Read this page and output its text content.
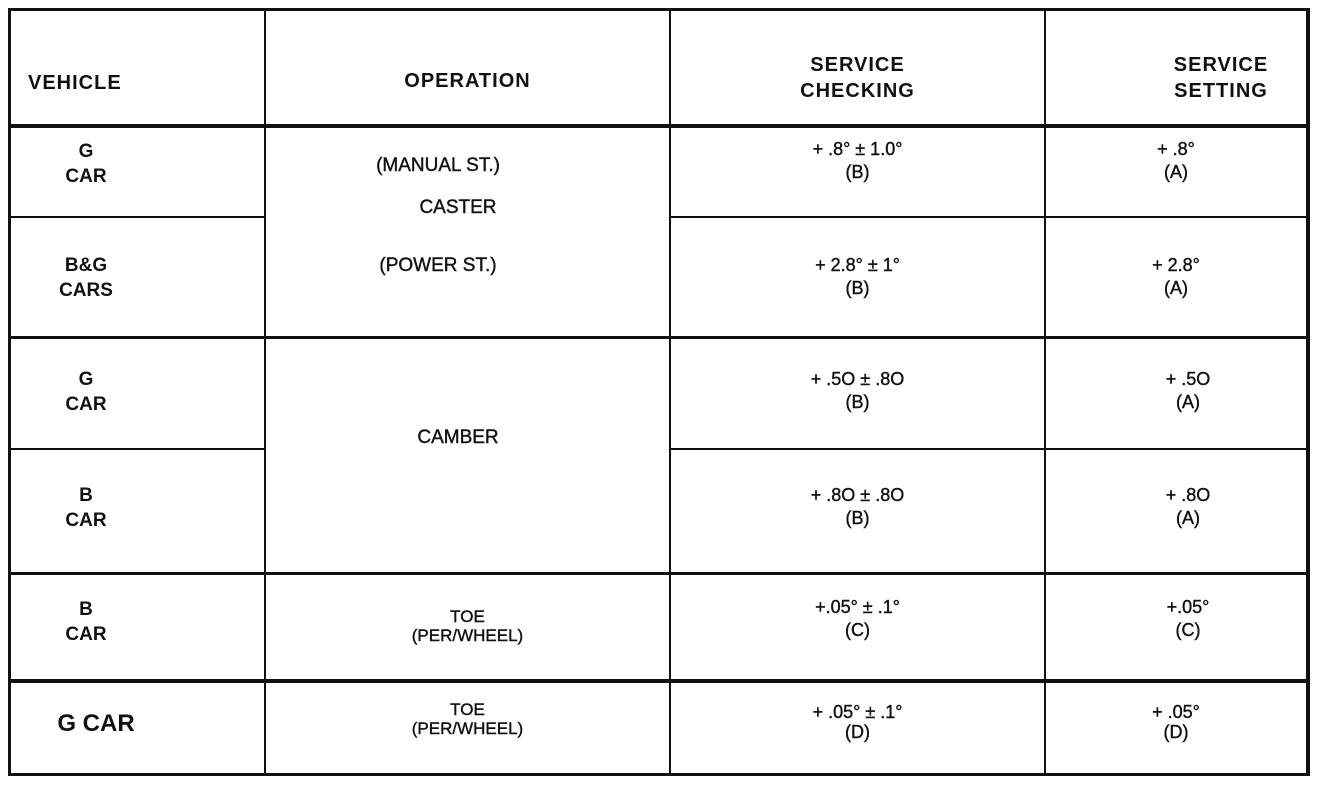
VEHICLE	OPERATION
SERVICE
CHECKING
SERVICE
SETTING
G
CAR
B&G
CARS
G
CAR
B
CAR
B
CAR
G CAR
(MANUAL ST.)
CASTER
(POWER ST.)
CAMBER
TOE
(PER/WHEEL)
TOE
(PER/WHEEL)
+ .8° ± 1.0°
(B)
+ 2.8° ± 1°
(B)
+ .5O ± .8O
(B)
+ .8O ± .8O
(B)
+.05° ± .1°
(C)
+ .05° ± .1°
(D)
+ .8°
(A)
+ 2.8°
(A)
+ .5O
(A)
+ .8O
(A)
+.05°
(C)
+ .05°
(D)
